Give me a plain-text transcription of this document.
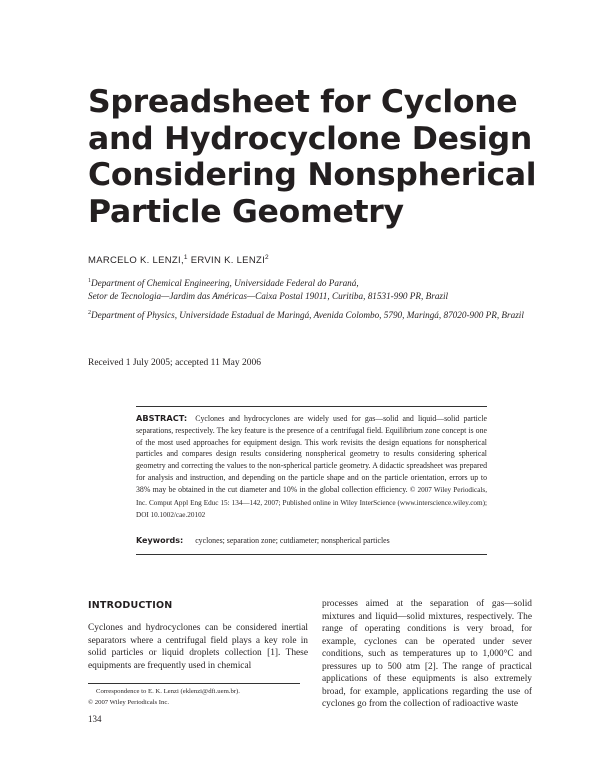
Spreadsheet for Cyclone
and Hydrocyclone Design
Considering Nonspherical
Particle Geometry
MARCELO K. LENZI,$^1$ ERVIN K. LENZI$^2$
$^1$Department of Chemical Engineering, Universidade Federal do Paraná,
Setor de Tecnologia—Jardim das Américas—Caixa Postal 19011, Curitiba, 81531-990 PR, Brazil
$^2$Department of Physics, Universidade Estadual de Maringá, Avenida Colombo, 5790, Maringá, 87020-900 PR, Brazil
Received 1 July 2005; accepted 11 May 2006

ABSTRACT: Cyclones and hydrocyclones are widely used for gas—solid and liquid—solid particle separations, respectively. The key feature is the presence of a centrifugal field. Equilibrium zone concept is one of the most used approaches for equipment design. This work revisits the design equations for nonspherical particles and compares design results considering nonspherical geometry to results considering spherical geometry and correcting the values to the non-spherical particle geometry. A didactic spreadsheet was prepared for analysis and instruction, and depending on the particle shape and on the particle orientation, errors up to 38% may be obtained in the cut diameter and 10% in the global collection efficiency. © 2007 Wiley Periodicals, Inc. Comput Appl Eng Educ 15: 134—142, 2007; Published online in Wiley InterScience (www.interscience.wiley.com); DOI 10.1002/cae.20102

Keywords: cyclones; separation zone; cutdiameter; nonspherical particles
INTRODUCTION

Cyclones and hydrocyclones can be considered inertial separators where a centrifugal field plays a key role in solid particles or liquid droplets collection [1]. These equipments are frequently used in chemical

processes aimed at the separation of gas—solid mixtures and liquid—solid mixtures, respectively. The range of operating conditions is very broad, for example, cyclones can be operated under sever conditions, such as temperatures up to 1,000°C and pressures up to 500 atm [2]. The range of practical applications of these equipments is also extremely broad, for example, applications regarding the use of cyclones go from the collection of radioactive waste

Correspondence to E. K. Lenzi (eklenzi@dfi.uem.br).
© 2007 Wiley Periodicals Inc.
134
